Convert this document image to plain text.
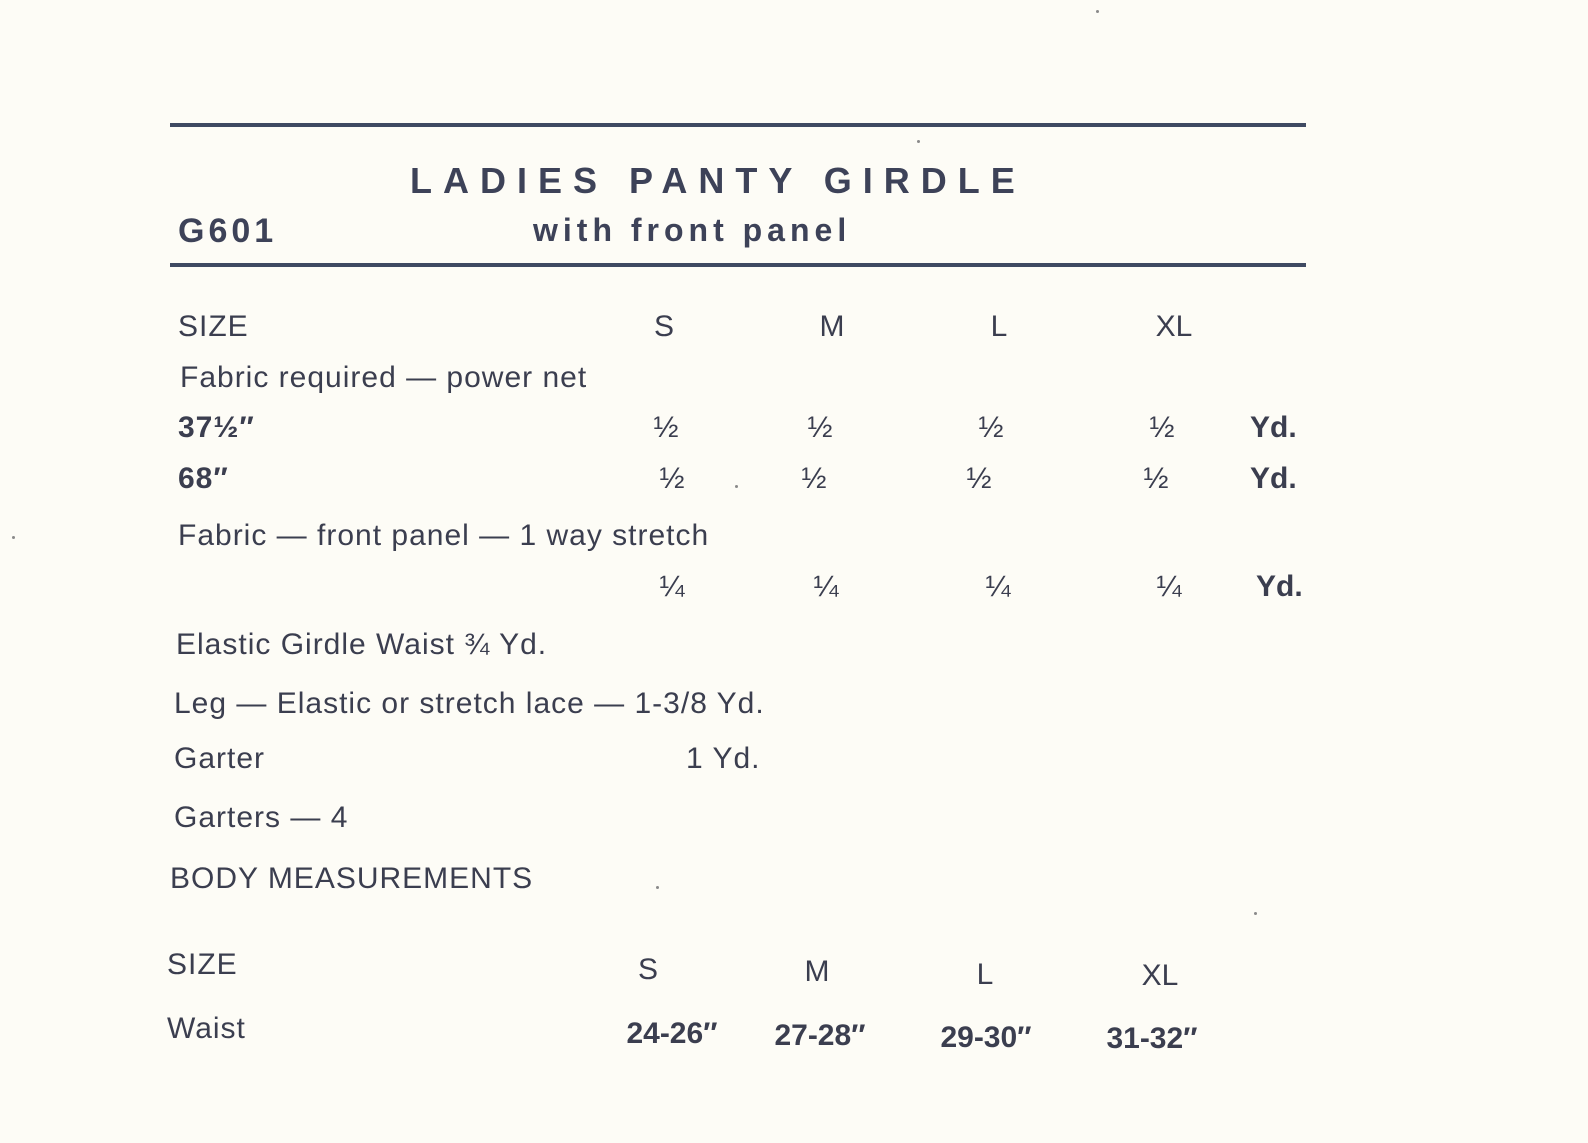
LADIES PANTY GIRDLE
G601	with front panel
SIZE	S	M	L	XL
Fabric required — power net
37½″	½	½	½	½	Yd.
68″	½	½	½	½	Yd.
Fabric — front panel — 1 way stretch
¼	¼	¼	¼ Yd.
Elastic Girdle Waist ¾ Yd.
Leg — Elastic or stretch lace — 1-3/8 Yd.
Garter	1 Yd.
Garters — 4
BODY MEASUREMENTS
SIZE	S	M	L	XL
Waist	24-26″ 27-28″ 29-30″ 31-32″
